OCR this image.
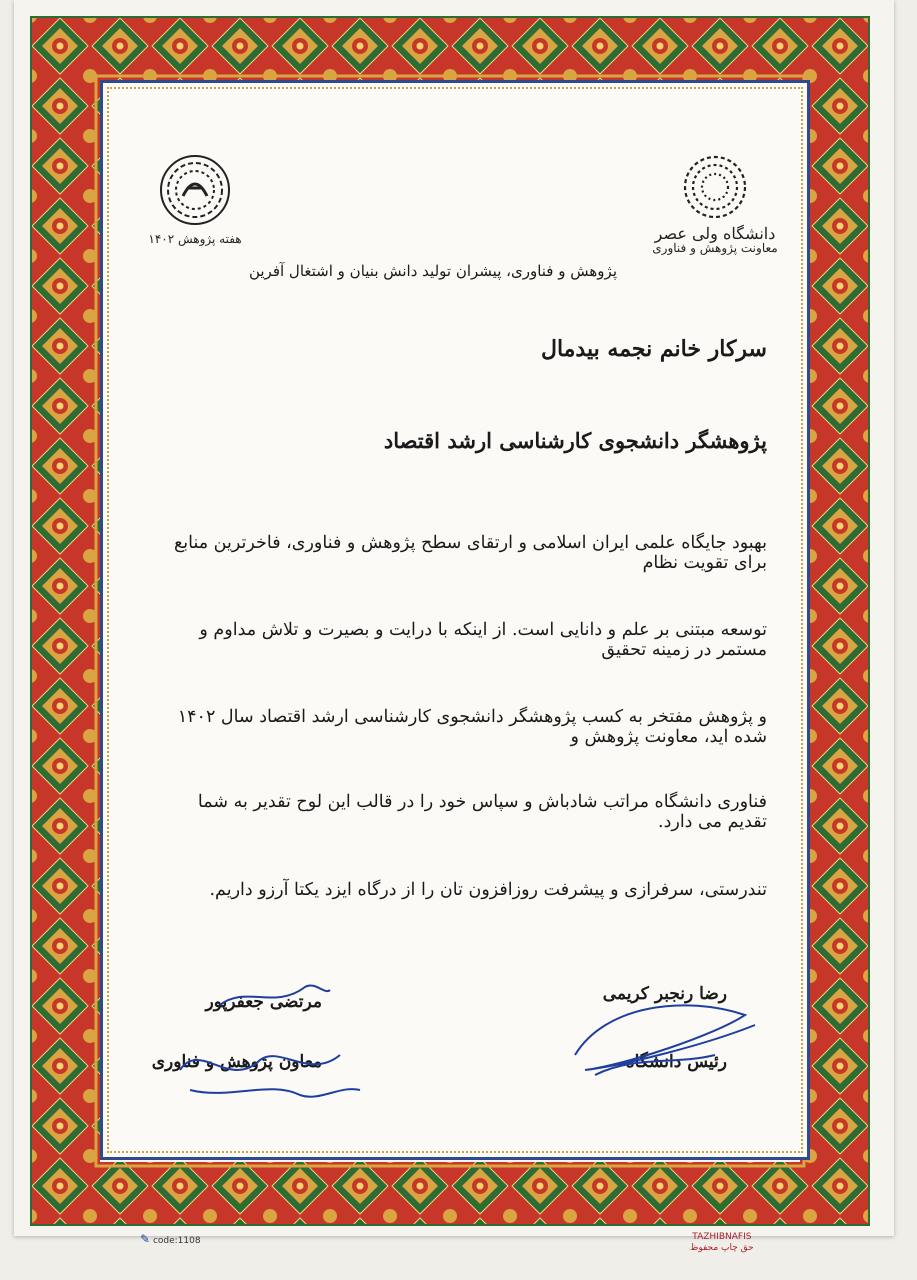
دانشگاه ولی عصر
معاونت پژوهش و فناوری
هفته پژوهش ۱۴۰۲
پژوهش و فناوری، پیشران تولید دانش بنیان و اشتغال آفرین
سرکار خانم نجمه بیدمال
پژوهشگر دانشجوی کارشناسی ارشد اقتصاد
بهبود جایگاه علمی ایران اسلامی و ارتقای سطح پژوهش و فناوری، فاخرترین منابع برای تقویت نظام
توسعه مبتنی بر علم و دانایی است. از اینکه با درایت و بصیرت و تلاش مداوم و مستمر در زمینه تحقیق
و پژوهش مفتخر به کسب پژوهشگر دانشجوی کارشناسی ارشد اقتصاد سال ۱۴۰۲ شده اید، معاونت پژوهش و
فناوری دانشگاه مراتب شادباش و سپاس خود را در قالب این لوح تقدیر به شما تقدیم می دارد.
تندرستی، سرفرازی و پیشرفت روزافزون تان را از درگاه ایزد یکتا آرزو داریم.
رضا رنجبر کریمی
رئیس دانشگاه
مرتضی جعفرپور
معاون پژوهش و فناوری
✎ code:1108	TAZHIBNAFIS
حق چاپ محفوظ
